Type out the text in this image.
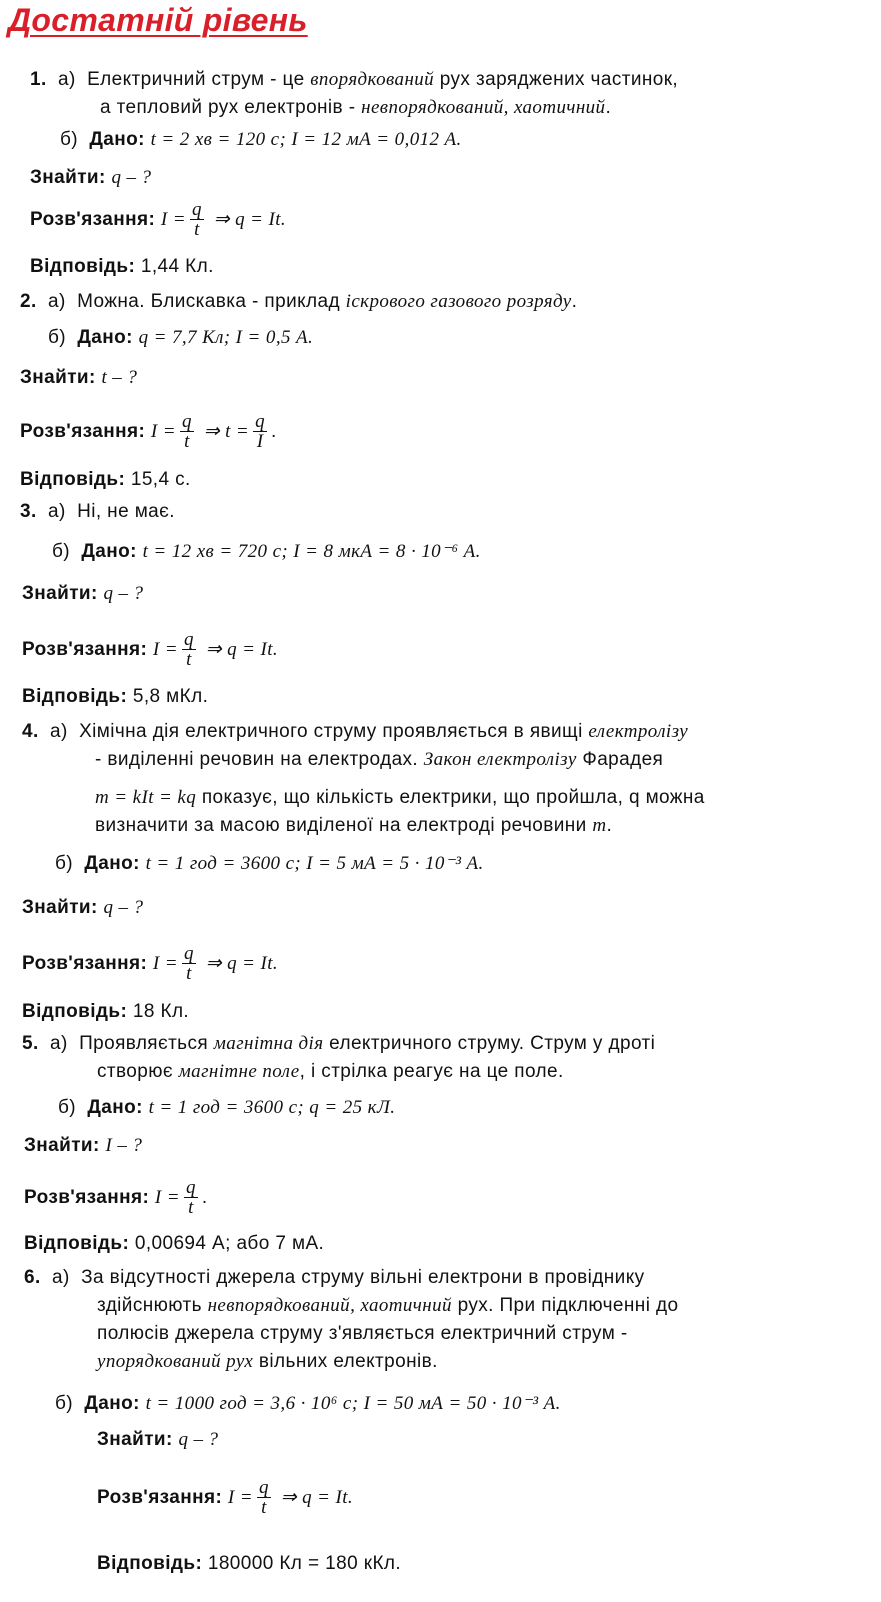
Достатній рівень
1. а) Електричний струм - це впорядкований рух заряджених частинок,
а тепловий рух електронів - невпорядкований, хаотичний.
б) Дано: t = 2 хв = 120 с; I = 12 мА = 0,012 А.
Знайти: q – ?
Розв'язання: $I = \frac{q}{t}$ ⇒ q = It.
Відповідь: 1,44 Кл.
2. а) Можна. Блискавка - приклад іскрового газового розряду.
б) Дано: q = 7,7 Кл; I = 0,5 А.
Знайти: t – ?
Розв'язання: $I = \frac{q}{t}$ ⇒ $t = \frac{q}{I}$ .
Відповідь: 15,4 с.
3. а) Ні, не має.
б) Дано: t = 12 хв = 720 с; I = 8 мкА = 8 · 10⁻⁶ А.
Знайти: q – ?
Розв'язання: $I = \frac{q}{t}$ ⇒ q = It.
Відповідь: 5,8 мКл.
4. а) Хімічна дія електричного струму проявляється в явищі електролізу
- виділенні речовин на електродах. Закон електролізу Фарадея
m = kIt = kq показує, що кількість електрики, що пройшла, q можна
визначити за масою виділеної на електроді речовини m.
б) Дано: t = 1 год = 3600 с; I = 5 мА = 5 · 10⁻³ А.
Знайти: q – ?
Розв'язання: $I = \frac{q}{t}$ ⇒ q = It.
Відповідь: 18 Кл.
5. а) Проявляється магнітна дія електричного струму. Струм у дроті
створює магнітне поле, і стрілка реагує на це поле.
б) Дано: t = 1 год = 3600 с; q = 25 кЛ.
Знайти: I – ?
Розв'язання: $I = \frac{q}{t}$ .
Відповідь: 0,00694 А; або 7 мА.
6. а) За відсутності джерела струму вільні електрони в провіднику
здійснюють невпорядкований, хаотичний рух. При підключенні до
полюсів джерела струму з'являється електричний струм -
упорядкований рух вільних електронів.
б) Дано: t = 1000 год = 3,6 · 10⁶ с; I = 50 мА = 50 · 10⁻³ А.
Знайти: q – ?
Розв'язання: $I = \frac{q}{t}$ ⇒ q = It.
Відповідь: 180000 Кл = 180 кКл.
